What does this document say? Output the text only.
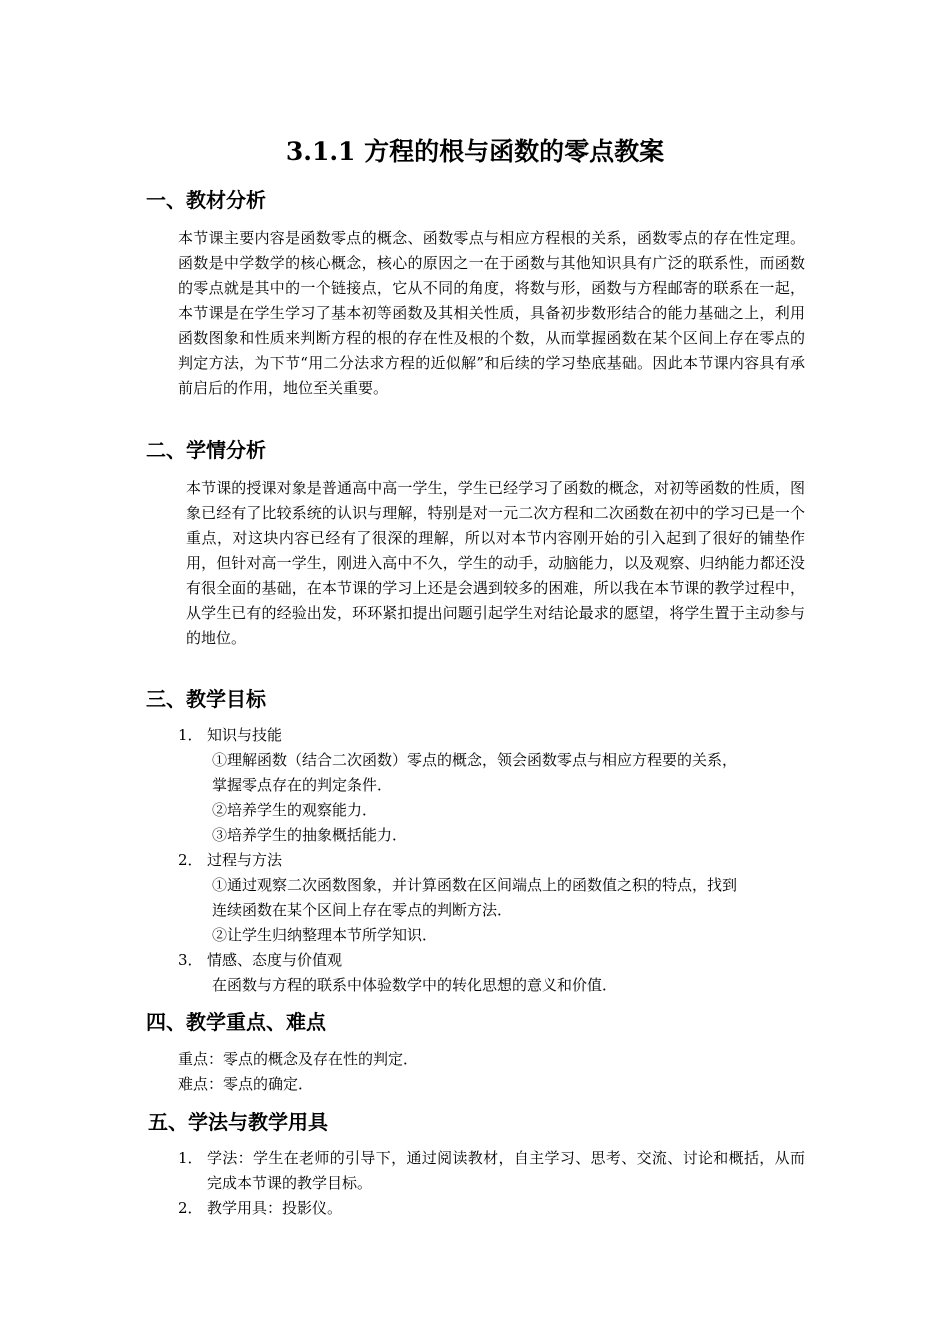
3.1.1 方程的根与函数的零点教案
一、教材分析

本节课主要内容是函数零点的概念、函数零点与相应方程根的关系，函数零点的存在性定理。函数是中学数学的核心概念，核心的原因之一在于函数与其他知识具有广泛的联系性，而函数的零点就是其中的一个链接点，它从不同的角度，将数与形，函数与方程邮寄的联系在一起，本节课是在学生学习了基本初等函数及其相关性质，具备初步数形结合的能力基础之上，利用函数图象和性质来判断方程的根的存在性及根的个数，从而掌握函数在某个区间上存在零点的判定方法，为下节“用二分法求方程的近似解”和后续的学习垫底基础。因此本节课内容具有承前启后的作用，地位至关重要。

二、学情分析

本节课的授课对象是普通高中高一学生，学生已经学习了函数的概念，对初等函数的性质，图象已经有了比较系统的认识与理解，特别是对一元二次方程和二次函数在初中的学习已是一个重点，对这块内容已经有了很深的理解，所以对本节内容刚开始的引入起到了很好的铺垫作用，但针对高一学生，刚进入高中不久，学生的动手，动脑能力，以及观察、归纳能力都还没有很全面的基础，在本节课的学习上还是会遇到较多的困难，所以我在本节课的教学过程中，从学生已有的经验出发，环环紧扣提出问题引起学生对结论最求的愿望，将学生置于主动参与的地位。

三、教学目标
1． 知识与技能
①理解函数（结合二次函数）零点的概念，领会函数零点与相应方程要的关系，
掌握零点存在的判定条件．
②培养学生的观察能力．
③培养学生的抽象概括能力．
2． 过程与方法
①通过观察二次函数图象，并计算函数在区间端点上的函数值之积的特点，找到
连续函数在某个区间上存在零点的判断方法．
②让学生归纳整理本节所学知识．
3． 情感、态度与价值观
在函数与方程的联系中体验数学中的转化思想的意义和价值．
四、教学重点、难点
重点：零点的概念及存在性的判定．
难点：零点的确定．
五、学法与教学用具
1． 学法：学生在老师的引导下，通过阅读教材，自主学习、思考、交流、讨论和概括，从而完成本节课的教学目标。

2． 教学用具：投影仪。
